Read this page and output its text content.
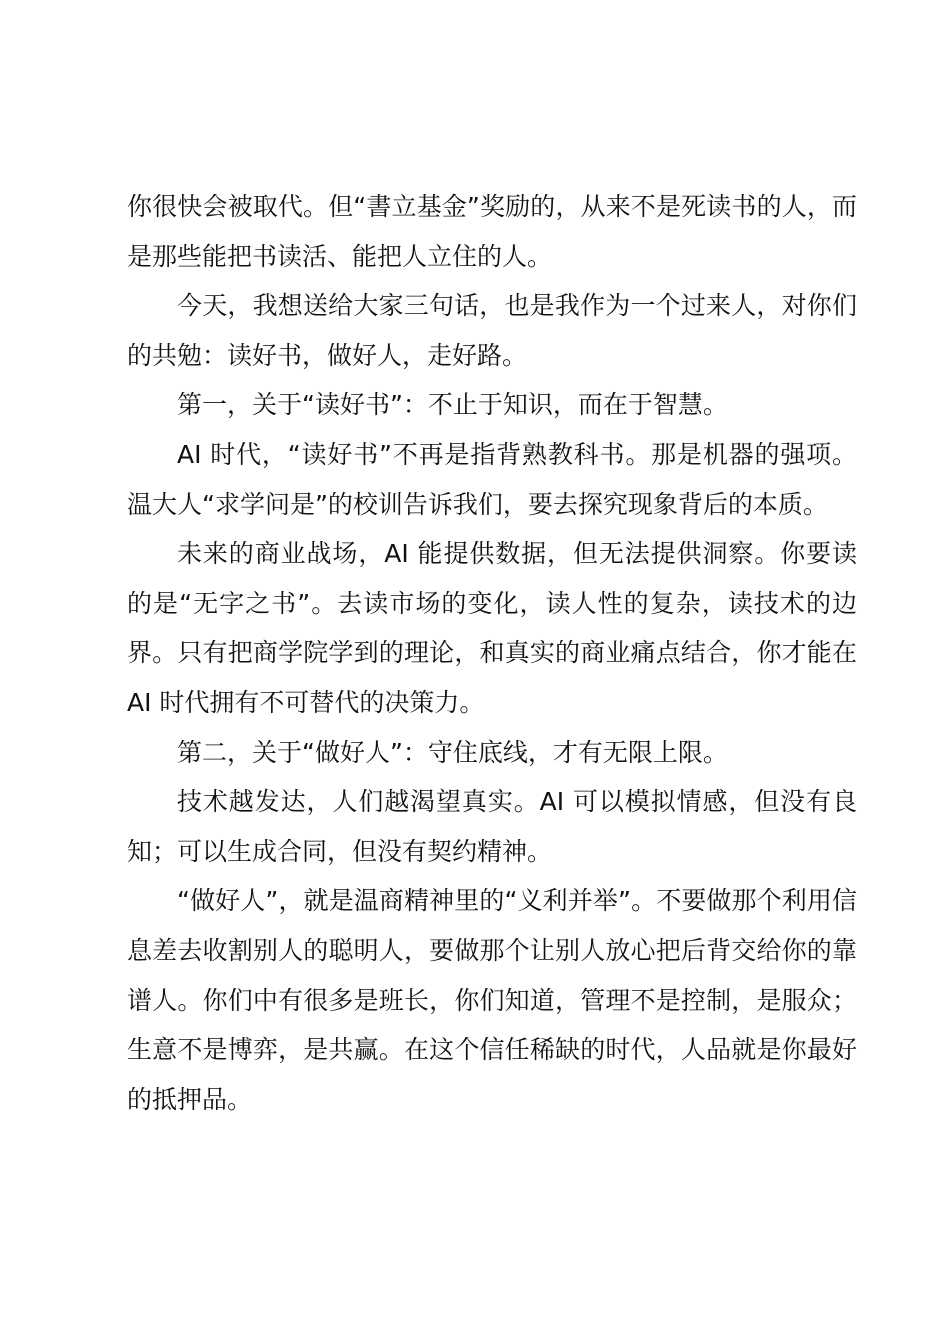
你很快会被取代。但“書立基金”奖励的，从来不是死读书的人，而是那些能把书读活、能把人立住的人。

今天，我想送给大家三句话，也是我作为一个过来人，对你们的共勉：读好书，做好人，走好路。

第一，关于“读好书”：不止于知识，而在于智慧。

AI 时代，“读好书”不再是指背熟教科书。那是机器的强项。温大人“求学问是”的校训告诉我们，要去探究现象背后的本质。

未来的商业战场，AI 能提供数据，但无法提供洞察。你要读的是“无字之书”。去读市场的变化，读人性的复杂，读技术的边界。只有把商学院学到的理论，和真实的商业痛点结合，你才能在 AI 时代拥有不可替代的决策力。

第二，关于“做好人”：守住底线，才有无限上限。

技术越发达，人们越渴望真实。AI 可以模拟情感，但没有良知；可以生成合同，但没有契约精神。

“做好人”，就是温商精神里的“义利并举”。不要做那个利用信息差去收割别人的聪明人，要做那个让别人放心把后背交给你的靠谱人。你们中有很多是班长，你们知道，管理不是控制，是服众；生意不是博弈，是共赢。在这个信任稀缺的时代，人品就是你最好的抵押品。
